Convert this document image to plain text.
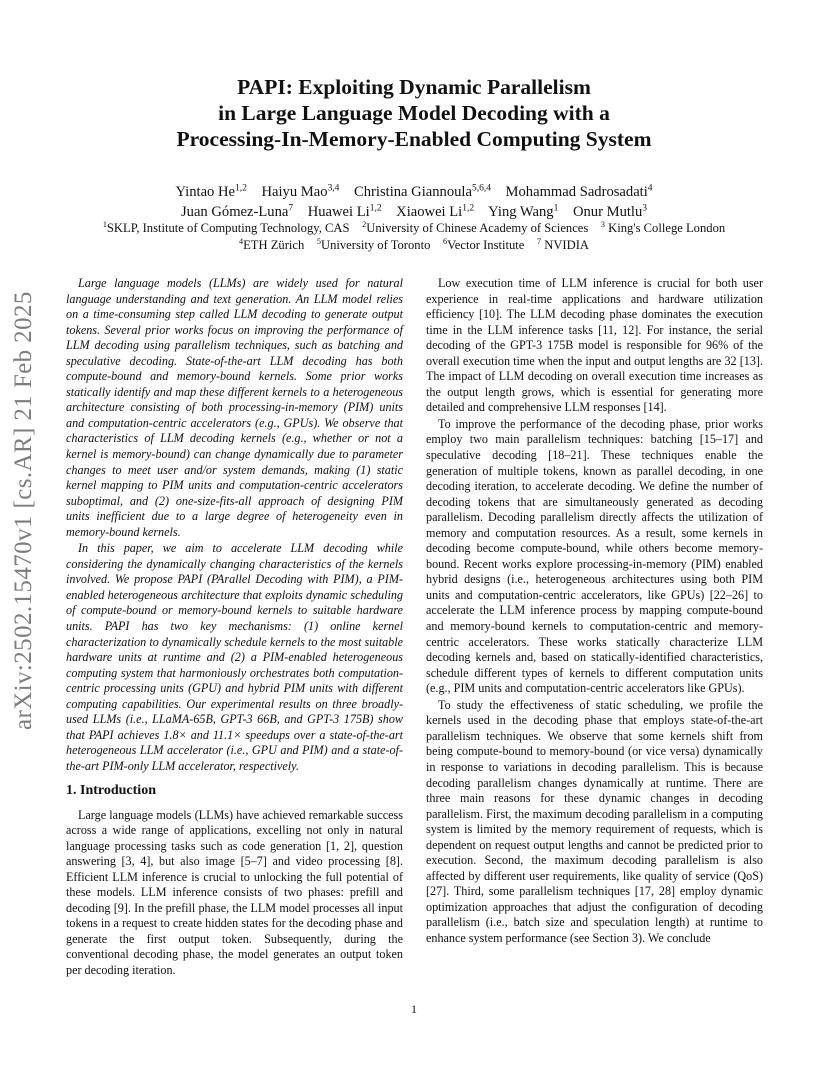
PAPI: Exploiting Dynamic Parallelism
in Large Language Model Decoding with a
Processing-In-Memory-Enabled Computing System
Yintao He$^{1,2}$ Haiyu Mao$^{3,4}$ Christina Giannoula$^{5,6,4}$ Mohammad Sadrosadati$^4$
Juan Gómez-Luna$^7$ Huawei Li$^{1,2}$ Xiaowei Li$^{1,2}$ Ying Wang$^1$ Onur Mutlu$^3$
$^1$SKLP, Institute of Computing Technology, CAS $^2$University of Chinese Academy of Sciences $^3$ King's College London
$^4$ETH Zürich $^5$University of Toronto $^6$Vector Institute $^7$ NVIDIA
arXiv:2502.15470v1 [cs.AR] 21 Feb 2025

Large language models (LLMs) are widely used for natural language understanding and text generation. An LLM model relies on a time-consuming step called LLM decoding to generate output tokens. Several prior works focus on improving the performance of LLM decoding using parallelism techniques, such as batching and speculative decoding. State-of-the-art LLM decoding has both compute-bound and memory-bound kernels. Some prior works statically identify and map these different kernels to a heterogeneous architecture consisting of both processing-in-memory (PIM) units and computation-centric accelerators (e.g., GPUs). We observe that characteristics of LLM decoding kernels (e.g., whether or not a kernel is memory-bound) can change dynamically due to parameter changes to meet user and/or system demands, making (1) static kernel mapping to PIM units and computation-centric accelerators suboptimal, and (2) one-size-fits-all approach of designing PIM units inefficient due to a large degree of heterogeneity even in memory-bound kernels.

In this paper, we aim to accelerate LLM decoding while considering the dynamically changing characteristics of the kernels involved. We propose PAPI (PArallel Decoding with PIM), a PIM-enabled heterogeneous architecture that exploits dynamic scheduling of compute-bound or memory-bound kernels to suitable hardware units. PAPI has two key mechanisms: (1) online kernel characterization to dynamically schedule kernels to the most suitable hardware units at runtime and (2) a PIM-enabled heterogeneous computing system that harmoniously orchestrates both computation-centric processing units (GPU) and hybrid PIM units with different computing capabilities. Our experimental results on three broadly-used LLMs (i.e., LLaMA-65B, GPT-3 66B, and GPT-3 175B) show that PAPI achieves 1.8× and 11.1× speedups over a state-of-the-art heterogeneous LLM accelerator (i.e., GPU and PIM) and a state-of-the-art PIM-only LLM accelerator, respectively.

1. Introduction

Large language models (LLMs) have achieved remarkable success across a wide range of applications, excelling not only in natural language processing tasks such as code generation [1, 2], question answering [3, 4], but also image [5–7] and video processing [8]. Efficient LLM inference is crucial to unlocking the full potential of these models. LLM inference consists of two phases: prefill and decoding [9]. In the prefill phase, the LLM model processes all input tokens in a request to create hidden states for the decoding phase and generate the first output token. Subsequently, during the conventional decoding phase, the model generates an output token per decoding iteration.

Low execution time of LLM inference is crucial for both user experience in real-time applications and hardware utilization efficiency [10]. The LLM decoding phase dominates the execution time in the LLM inference tasks [11, 12]. For instance, the serial decoding of the GPT-3 175B model is responsible for 96% of the overall execution time when the input and output lengths are 32 [13]. The impact of LLM decoding on overall execution time increases as the output length grows, which is essential for generating more detailed and comprehensive LLM responses [14].

To improve the performance of the decoding phase, prior works employ two main parallelism techniques: batching [15–17] and speculative decoding [18–21]. These techniques enable the generation of multiple tokens, known as parallel decoding, in one decoding iteration, to accelerate decoding. We define the number of decoding tokens that are simultaneously generated as decoding parallelism. Decoding parallelism directly affects the utilization of memory and computation resources. As a result, some kernels in decoding become compute-bound, while others become memory-bound. Recent works explore processing-in-memory (PIM) enabled hybrid designs (i.e., heterogeneous architectures using both PIM units and computation-centric accelerators, like GPUs) [22–26] to accelerate the LLM inference process by mapping compute-bound and memory-bound kernels to computation-centric and memory-centric accelerators. These works statically characterize LLM decoding kernels and, based on statically-identified characteristics, schedule different types of kernels to different computation units (e.g., PIM units and computation-centric accelerators like GPUs).

To study the effectiveness of static scheduling, we profile the kernels used in the decoding phase that employs state-of-the-art parallelism techniques. We observe that some kernels shift from being compute-bound to memory-bound (or vice versa) dynamically in response to variations in decoding parallelism. This is because decoding parallelism changes dynamically at runtime. There are three main reasons for these dynamic changes in decoding parallelism. First, the maximum decoding parallelism in a computing system is limited by the memory requirement of requests, which is dependent on request output lengths and cannot be predicted prior to execution. Second, the maximum decoding parallelism is also affected by different user requirements, like quality of service (QoS) [27]. Third, some parallelism techniques [17, 28] employ dynamic optimization approaches that adjust the configuration of decoding parallelism (i.e., batch size and speculation length) at runtime to enhance system performance (see Section 3). We conclude

1
